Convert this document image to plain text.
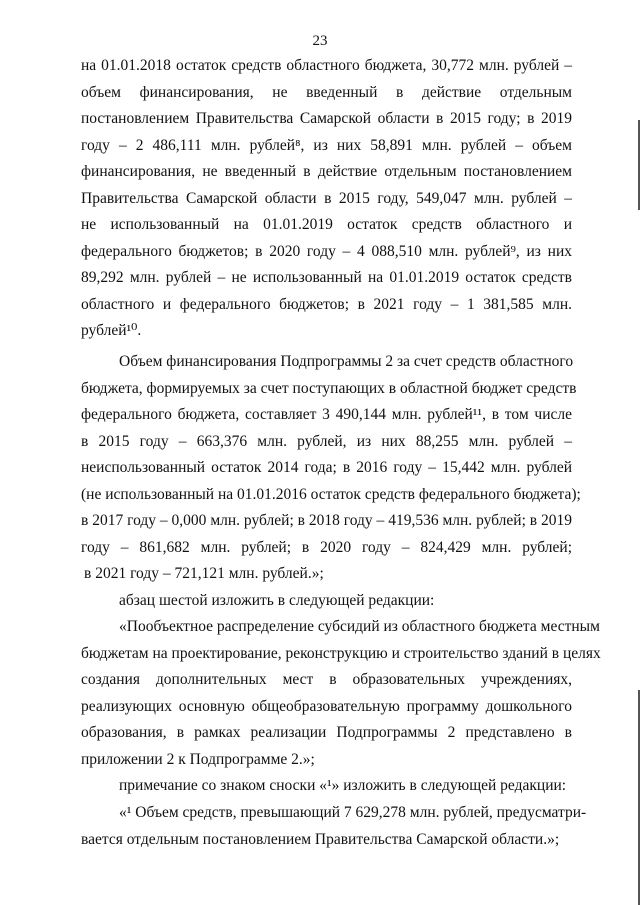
23
на 01.01.2018 остаток средств областного бюджета, 30,772 млн. рублей –
объем финансирования, не введенный в действие отдельным
постановлением Правительства Самарской области в 2015 году; в 2019
году – 2 486,111 млн. рублей⁸, из них 58,891 млн. рублей – объем
финансирования, не введенный в действие отдельным постановлением
Правительства Самарской области в 2015 году, 549,047 млн. рублей –
не использованный на 01.01.2019 остаток средств областного и
федерального бюджетов; в 2020 году – 4 088,510 млн. рублей⁹, из них
89,292 млн. рублей – не использованный на 01.01.2019 остаток средств
областного и федерального бюджетов; в 2021 году – 1 381,585 млн.
рублей¹⁰.
Объем финансирования Подпрограммы 2 за счет средств областного
бюджета, формируемых за счет поступающих в областной бюджет средств
федерального бюджета, составляет 3 490,144 млн. рублей¹¹, в том числе
в 2015 году – 663,376 млн. рублей, из них 88,255 млн. рублей –
неиспользованный остаток 2014 года; в 2016 году – 15,442 млн. рублей
(не использованный на 01.01.2016 остаток средств федерального бюджета);
в 2017 году – 0,000 млн. рублей; в 2018 году – 419,536 млн. рублей; в 2019
году – 861,682 млн. рублей; в 2020 году – 824,429 млн. рублей;
в 2021 году – 721,121 млн. рублей.»;
абзац шестой изложить в следующей редакции:
«Пообъектное распределение субсидий из областного бюджета местным
бюджетам на проектирование, реконструкцию и строительство зданий в целях
создания дополнительных мест в образовательных учреждениях,
реализующих основную общеобразовательную программу дошкольного
образования, в рамках реализации Подпрограммы 2 представлено в
приложении 2 к Подпрограмме 2.»;
примечание со знаком сноски «¹» изложить в следующей редакции:
«¹ Объем средств, превышающий 7 629,278 млн. рублей, предусматри-
вается отдельным постановлением Правительства Самарской области.»;
